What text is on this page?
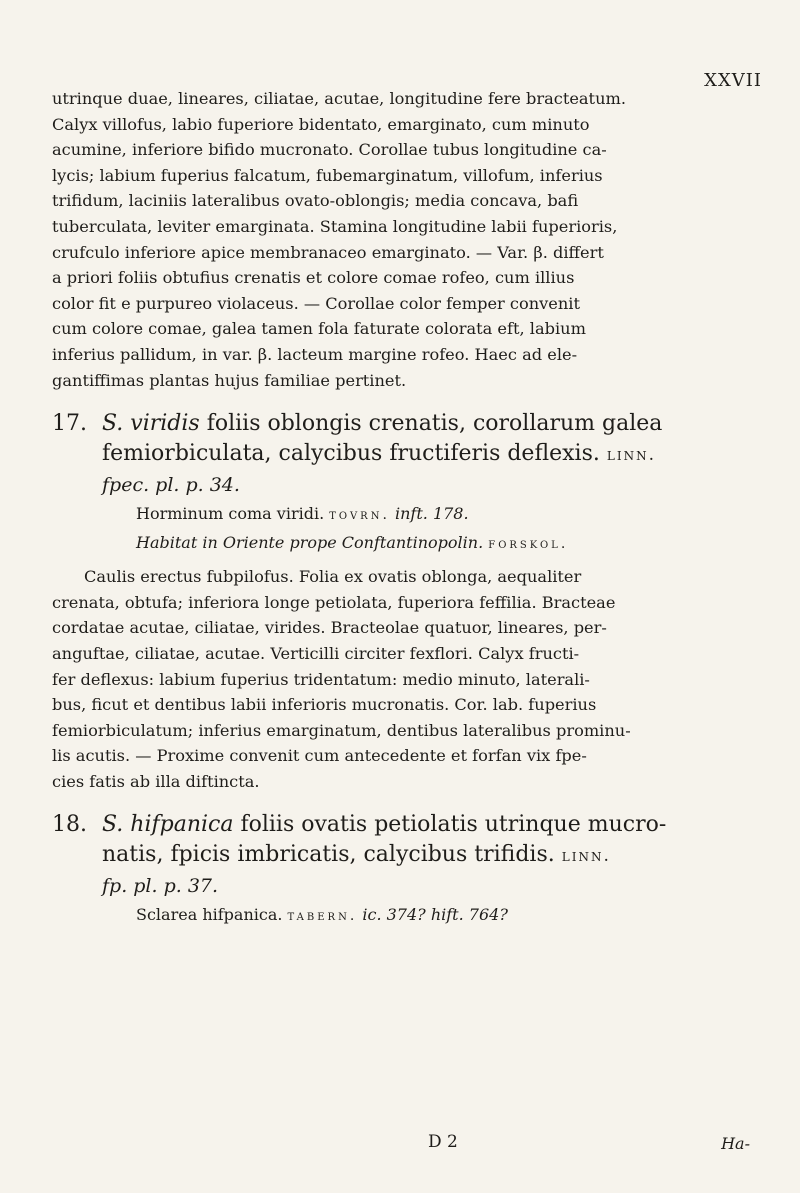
XXVII

utrinque duae, lineares, ciliatae, acutae, longitudine fere bracteatum.
Calyx villofus, labio fuperiore bidentato, emarginato, cum minuto
acumine, inferiore bifido mucronato. Corollae tubus longitudine ca-
lycis; labium fuperius falcatum, fubemarginatum, villofum, inferius
trifidum, laciniis lateralibus ovato-oblongis; media concava, bafi
tuberculata, leviter emarginata. Stamina longitudine labii fuperioris,
crufculo inferiore apice membranaceo emarginato. — Var. β. differt
a priori foliis obtufius crenatis et colore comae rofeo, cum illius
color fit e purpureo violaceus. — Corollae color femper convenit
cum colore comae, galea tamen fola faturate colorata eft, labium
inferius pallidum, in var. β. lacteum margine rofeo. Haec ad ele-
gantiffimas plantas hujus familiae pertinet.

17. S. viridis foliis oblongis crenatis, corollarum galea
femiorbiculata, calycibus fructiferis deflexis. linn.

fpec. pl. p. 34.
Horminum coma viridi. tovrn. inft. 178.
Habitat in Oriente prope Conftantinopolin. forskol.
Caulis erectus fubpilofus. Folia ex ovatis oblonga, aequaliter
crenata, obtufa; inferiora longe petiolata, fuperiora feffilia. Bracteae
cordatae acutae, ciliatae, virides. Bracteolae quatuor, lineares, per-
anguftae, ciliatae, acutae. Verticilli circiter fexflori. Calyx fructi-
fer deflexus: labium fuperius tridentatum: medio minuto, laterali-
bus, ficut et dentibus labii inferioris mucronatis. Cor. lab. fuperius
femiorbiculatum; inferius emarginatum, dentibus lateralibus prominu-
lis acutis. — Proxime convenit cum antecedente et forfan vix fpe-
cies fatis ab illa diftincta.

18. S. hifpanica foliis ovatis petiolatis utrinque mucro-
natis, fpicis imbricatis, calycibus trifidis. linn.

fp. pl. p. 37.
Sclarea hifpanica. tabern. ic. 374? hift. 764?
D 2	Ha-
